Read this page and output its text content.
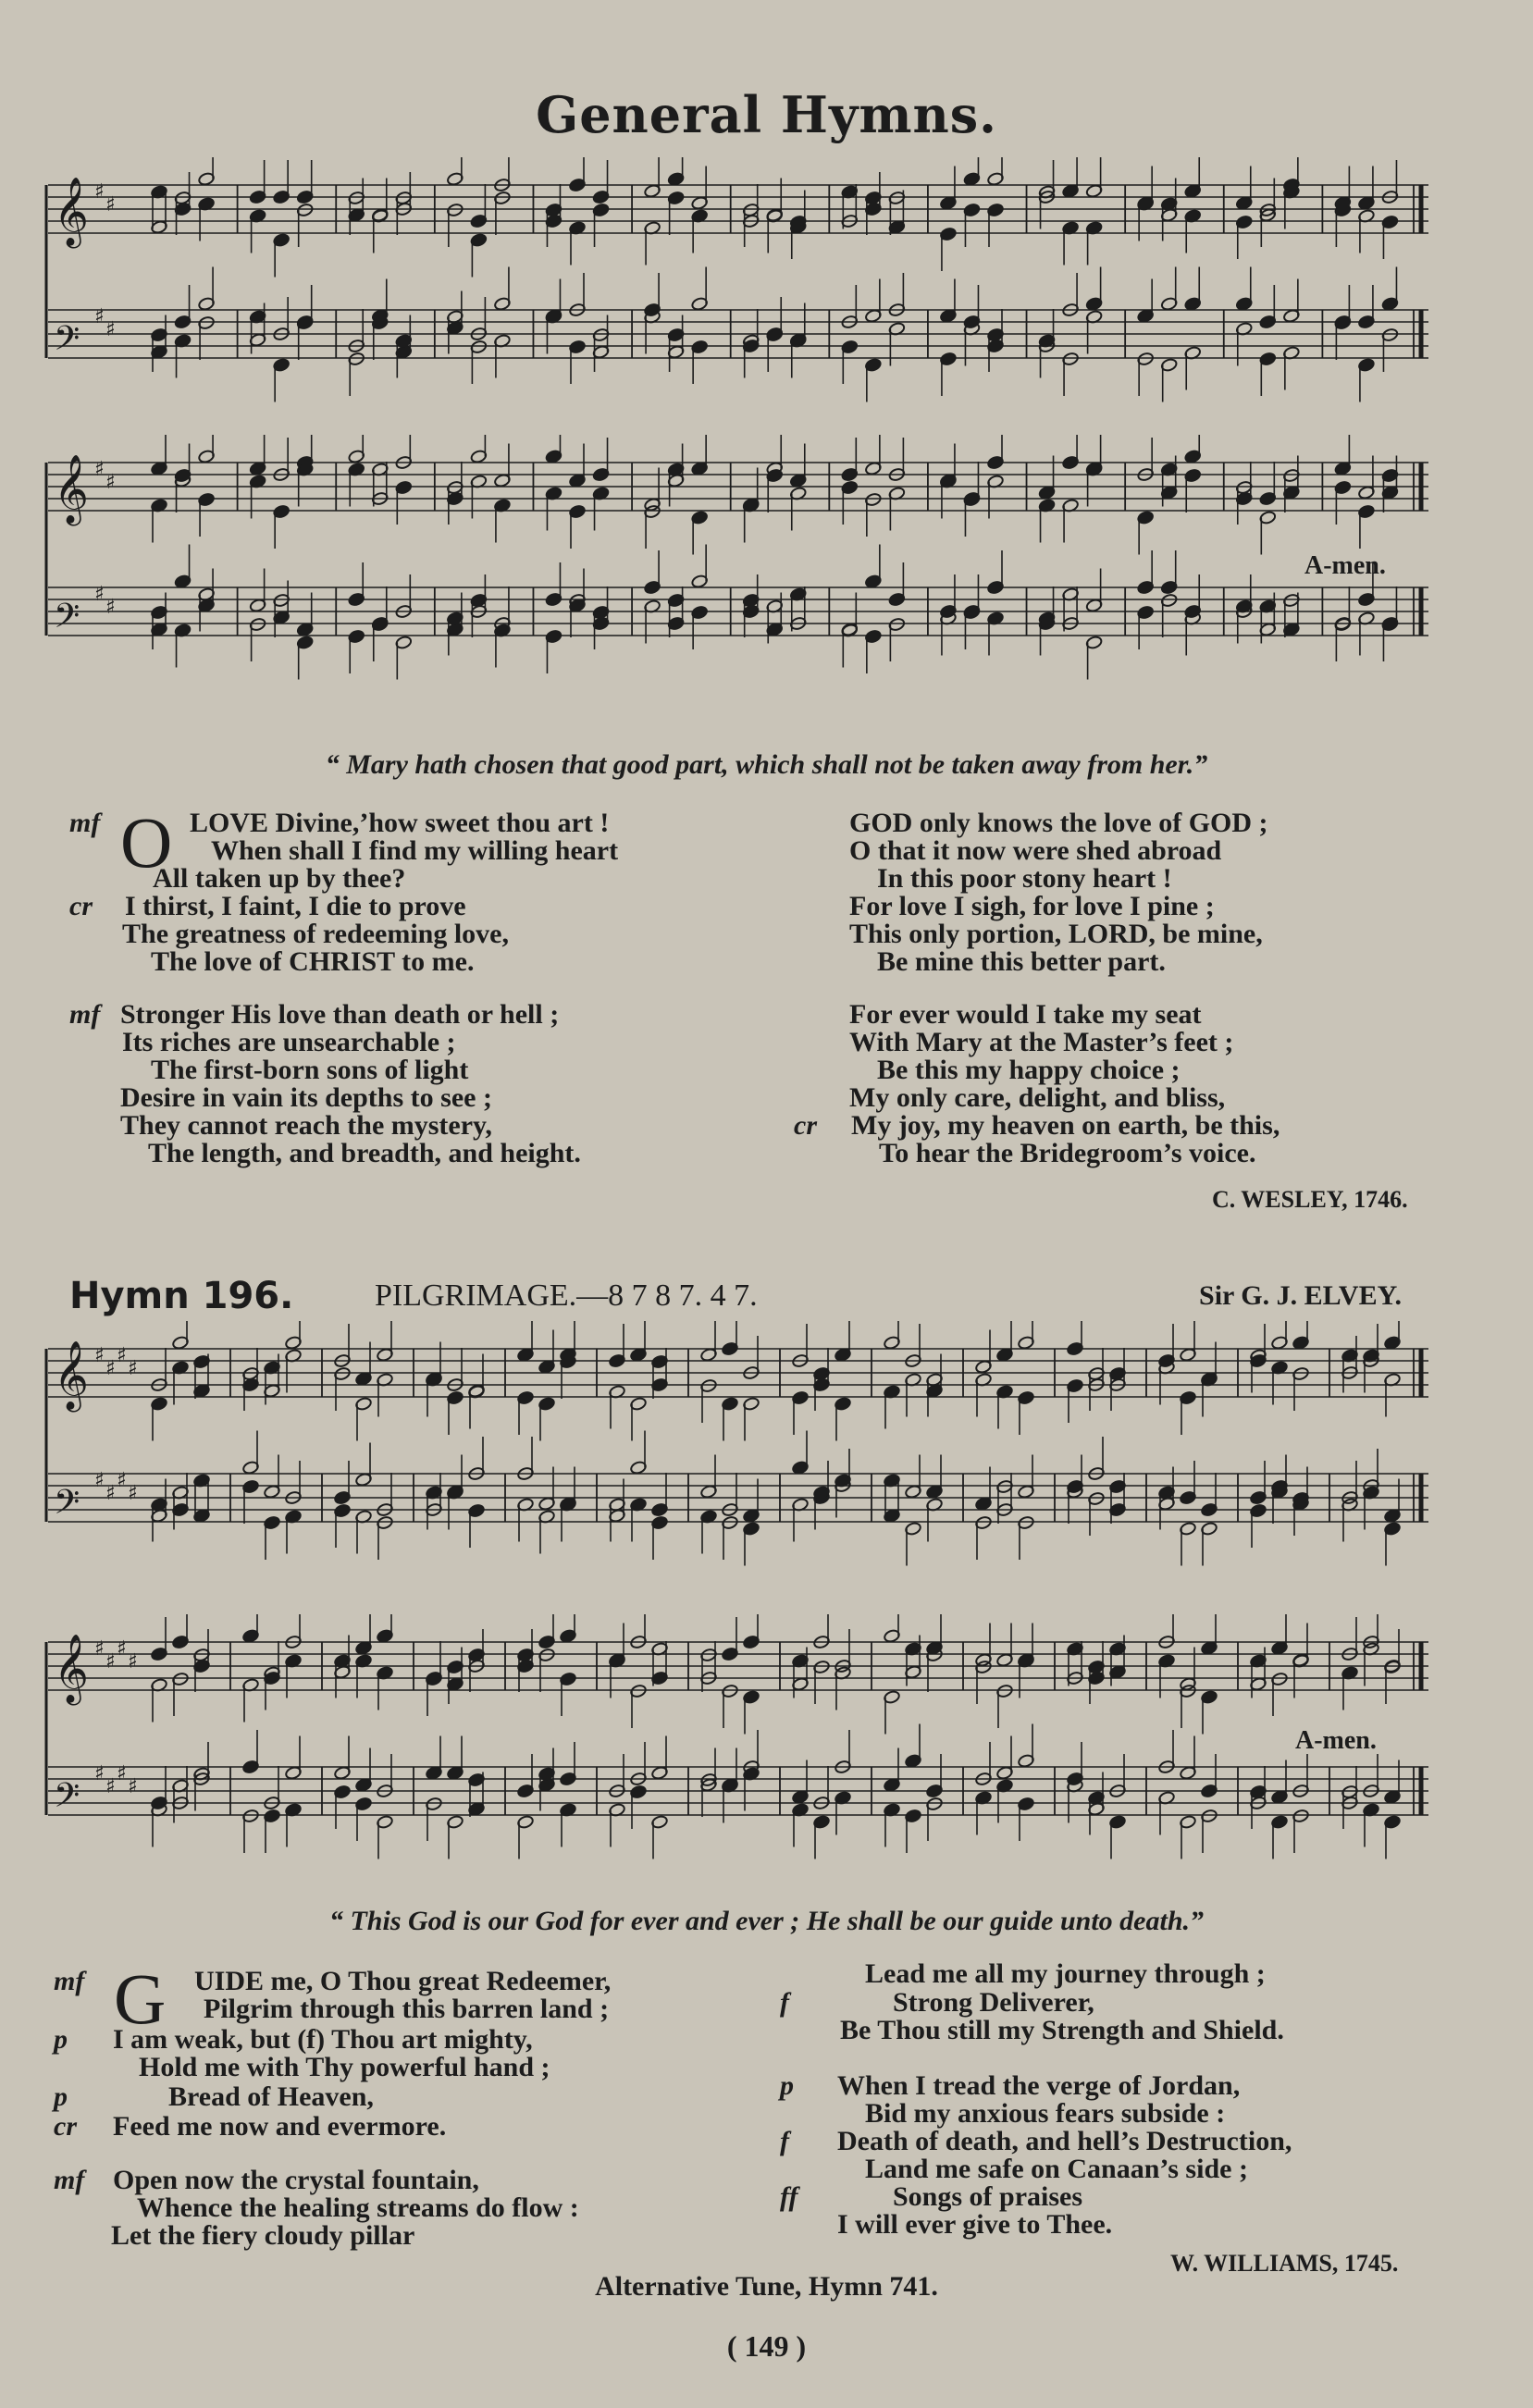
General Hymns.
𝄞 ♯
♯
𝄢
♯
♯
𝄞 ♯
♯
𝄢
♯
♯
A-men.
“ Mary hath chosen that good part, which shall not be taken away from her.”
O
mf	LOVE Divine,’how sweet thou art !
When shall I find my willing heart
All taken up by thee?
cr I thirst, I faint, I die to prove
The greatness of redeeming love,
The love of CHRIST to me.
mf Stronger His love than death or hell ;
Its riches are unsearchable ;
The first-born sons of light
Desire in vain its depths to see ;
They cannot reach the mystery,
The length, and breadth, and height.
GOD only knows the love of GOD ;
O that it now were shed abroad
In this poor stony heart !
For love I sigh, for love I pine ;
This only portion, LORD, be mine,
Be mine this better part.
For ever would I take my seat
With Mary at the Master’s feet ;
Be this my happy choice ;
My only care, delight, and bliss,
cr My joy, my heaven on earth, be this,
To hear the Bridegroom’s voice.
C. WESLEY, 1746.
Hymn 196.	PILGRIMAGE.—8 7 8 7. 4 7.	Sir G. J. ELVEY.
𝄞 ♯
♯
♯
♯
𝄢
♯
♯
♯
♯
𝄞 ♯
♯
♯
♯
𝄢
♯
♯
♯
♯
A-men.
“ This God is our God for ever and ever ; He shall be our guide unto death.”
G
mf	UIDE me, O Thou great Redeemer,
Pilgrim through this barren land ;
p I am weak, but (f) Thou art mighty,
Hold me with Thy powerful hand ;
p	Bread of Heaven,
cr Feed me now and evermore.
mf Open now the crystal fountain,
Whence the healing streams do flow :
Let the fiery cloudy pillar
Lead me all my journey through ;
f	Strong Deliverer,
Be Thou still my Strength and Shield.
p When I tread the verge of Jordan,
Bid my anxious fears subside :
f Death of death, and hell’s Destruction,
Land me safe on Canaan’s side ;
ff	Songs of praises
I will ever give to Thee.
W. WILLIAMS, 1745.
Alternative Tune, Hymn 741.
( 149 )
